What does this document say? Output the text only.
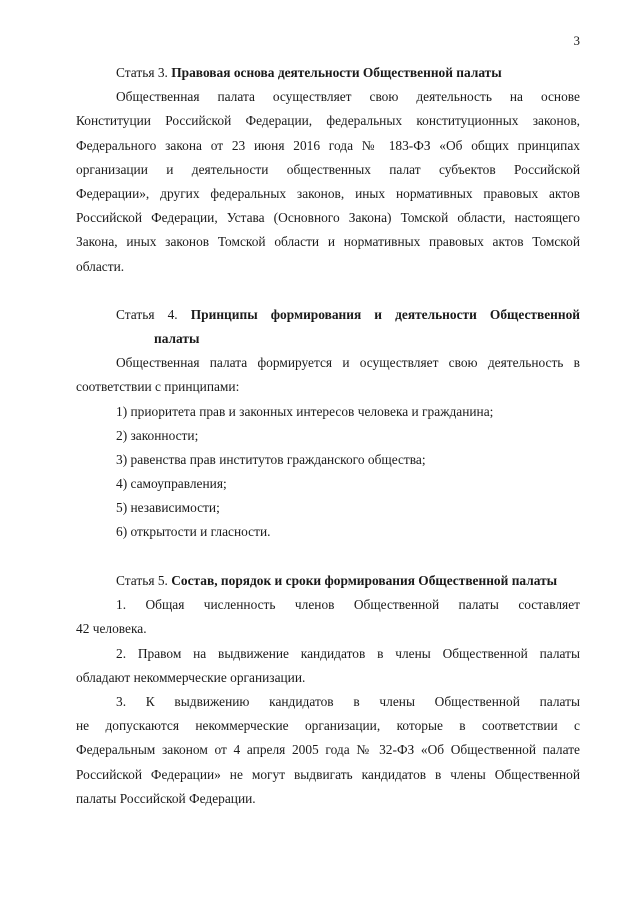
3
Статья 3. Правовая основа деятельности Общественной палаты
Общественная палата осуществляет свою деятельность на основе
Конституции Российской Федерации, федеральных конституционных законов,
Федерального закона от 23 июня 2016 года № 183-ФЗ «Об общих принципах
организации и деятельности общественных палат субъектов Российской
Федерации», других федеральных законов, иных нормативных правовых актов
Российской Федерации, Устава (Основного Закона) Томской области, настоящего
Закона, иных законов Томской области и нормативных правовых актов Томской
области.
Статья 4. Принципы формирования и деятельности Общественной
палаты
Общественная палата формируется и осуществляет свою деятельность в
соответствии с принципами:
1) приоритета прав и законных интересов человека и гражданина;
2) законности;
3) равенства прав институтов гражданского общества;
4) самоуправления;
5) независимости;
6) открытости и гласности.
Статья 5. Состав, порядок и сроки формирования Общественной палаты
1. Общая численность членов Общественной палаты составляет
42 человека.
2. Правом на выдвижение кандидатов в члены Общественной палаты
обладают некоммерческие организации.
3. К выдвижению кандидатов в члены Общественной палаты
не допускаются некоммерческие организации, которые в соответствии с
Федеральным законом от 4 апреля 2005 года № 32-ФЗ «Об Общественной палате
Российской Федерации» не могут выдвигать кандидатов в члены Общественной
палаты Российской Федерации.
